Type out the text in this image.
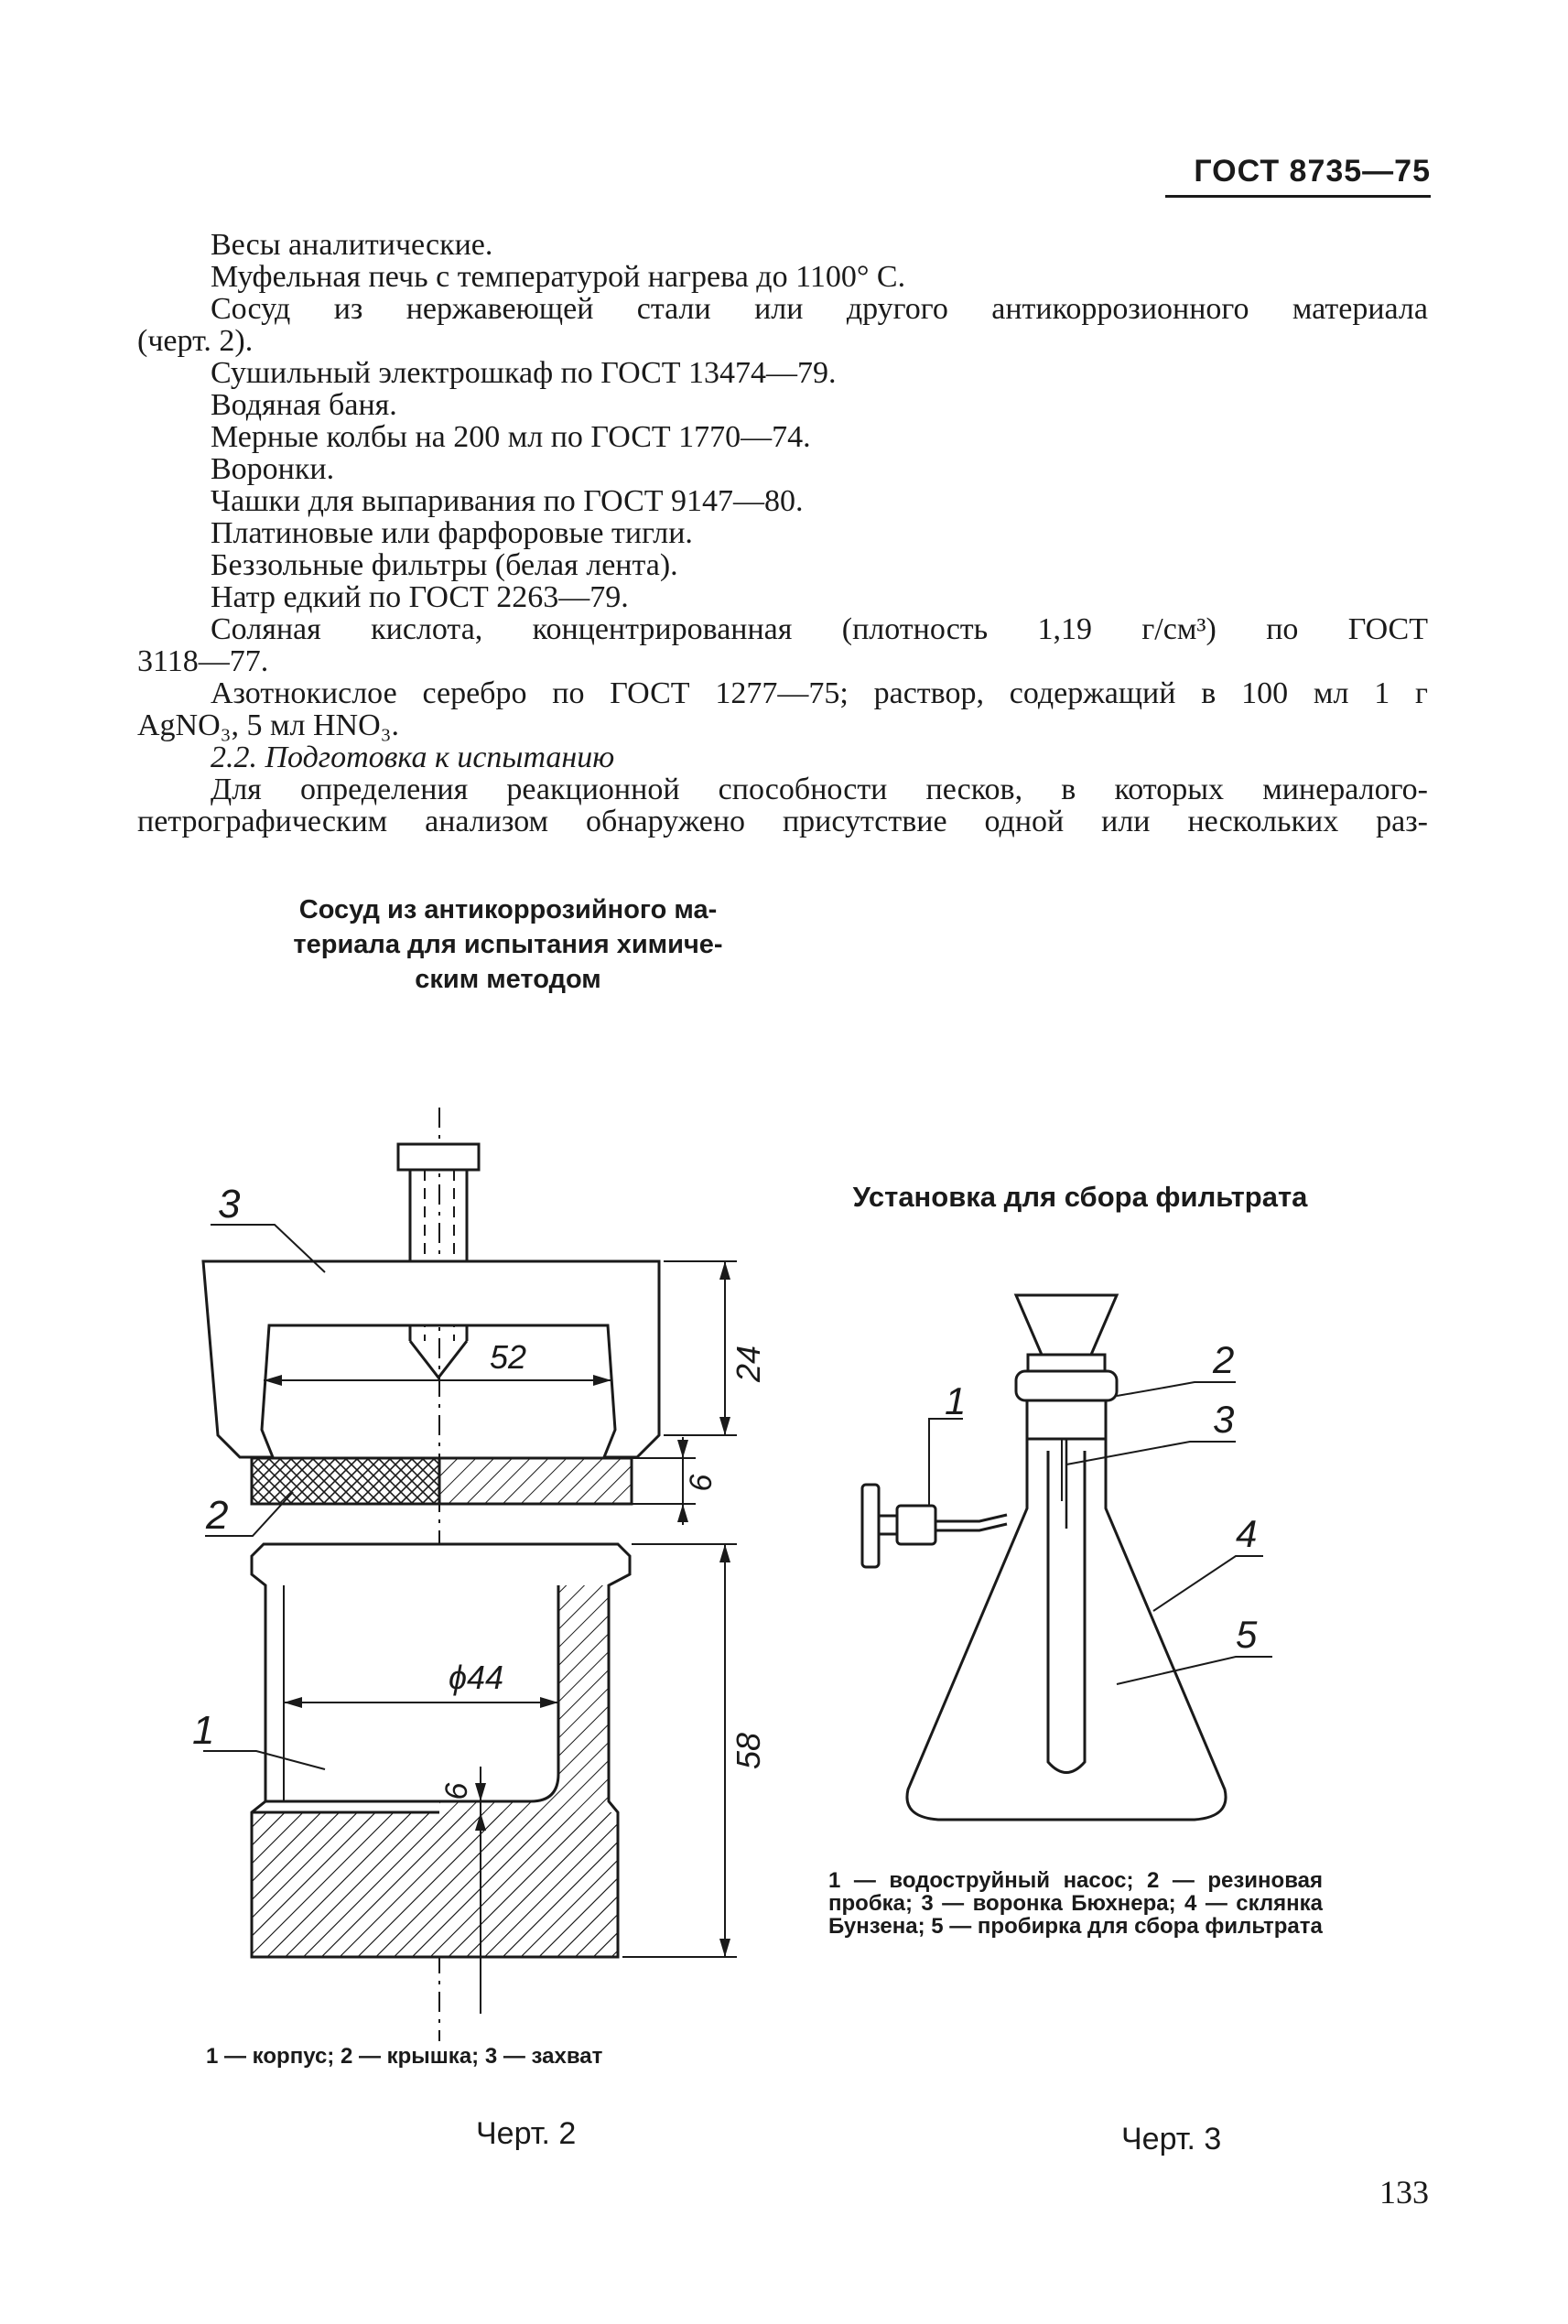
ГОСТ 8735—75

Весы аналитические.

Муфельная печь с температурой нагрева до 1100° С.

Сосуд из нержавеющей стали или другого антикоррозионного материала

(черт. 2).

Сушильный электрошкаф по ГОСТ 13474—79.

Водяная баня.

Мерные колбы на 200 мл по ГОСТ 1770—74.

Воронки.

Чашки для выпаривания по ГОСТ 9147—80.

Платиновые или фарфоровые тигли.

Беззольные фильтры (белая лента).

Натр едкий по ГОСТ 2263—79.

Соляная кислота, концентрированная (плотность 1,19 г/см³) по ГОСТ

3118—77.

Азотнокислое серебро по ГОСТ 1277—75; раствор, содержащий в 100 мл 1 г

AgNO₃, 5 мл HNO₃.

2.2. Подготовка к испытанию

Для определения реакционной способности песков, в которых минералого-

петрографическим анализом обнаружено присутствие одной или нескольких раз-

Сосуд из антикоррозийного ма-
териала для испытания химиче-
ским методом
Установка для сбора фильтрата
3
2
1
52	24
6
ϕ44
58
6
1
2
3
4
5
1 — водоструйный насос; 2 — резиновая пробка; 3 — воронка Бюхнера; 4 — склянка Бунзена; 5 — пробирка для сбора фильтрата
1 — корпус; 2 — крышка; 3 — захват
Черт. 2	Черт. 3
133
